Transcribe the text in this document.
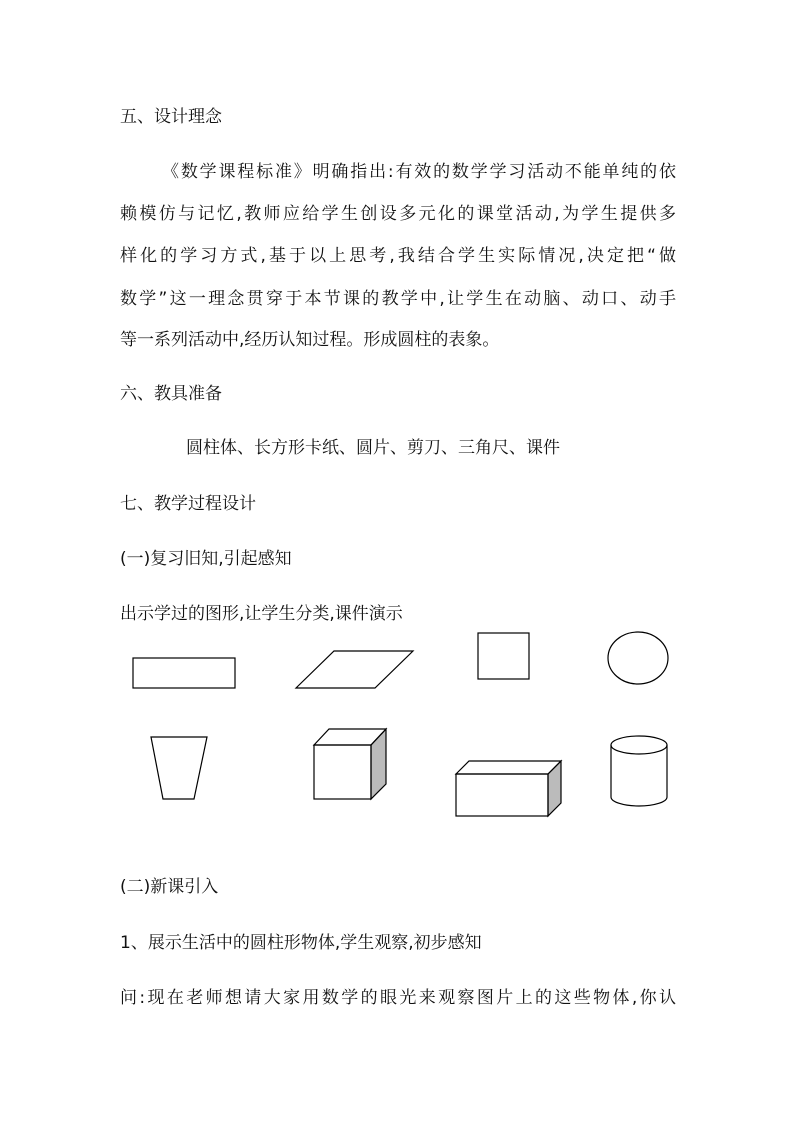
五、设计理念
《数学课程标准》明确指出:有效的数学学习活动不能单纯的依
赖模仿与记忆,教师应给学生创设多元化的课堂活动,为学生提供多
样化的学习方式,基于以上思考,我结合学生实际情况,决定把“做
数学”这一理念贯穿于本节课的教学中,让学生在动脑、动口、动手
等一系列活动中,经历认知过程。形成圆柱的表象。
六、教具准备
圆柱体、长方形卡纸、圆片、剪刀、三角尺、课件
七、教学过程设计
(一)复习旧知,引起感知
出示学过的图形,让学生分类,课件演示
(二)新课引入
1、展示生活中的圆柱形物体,学生观察,初步感知
问:现在老师想请大家用数学的眼光来观察图片上的这些物体,你认
